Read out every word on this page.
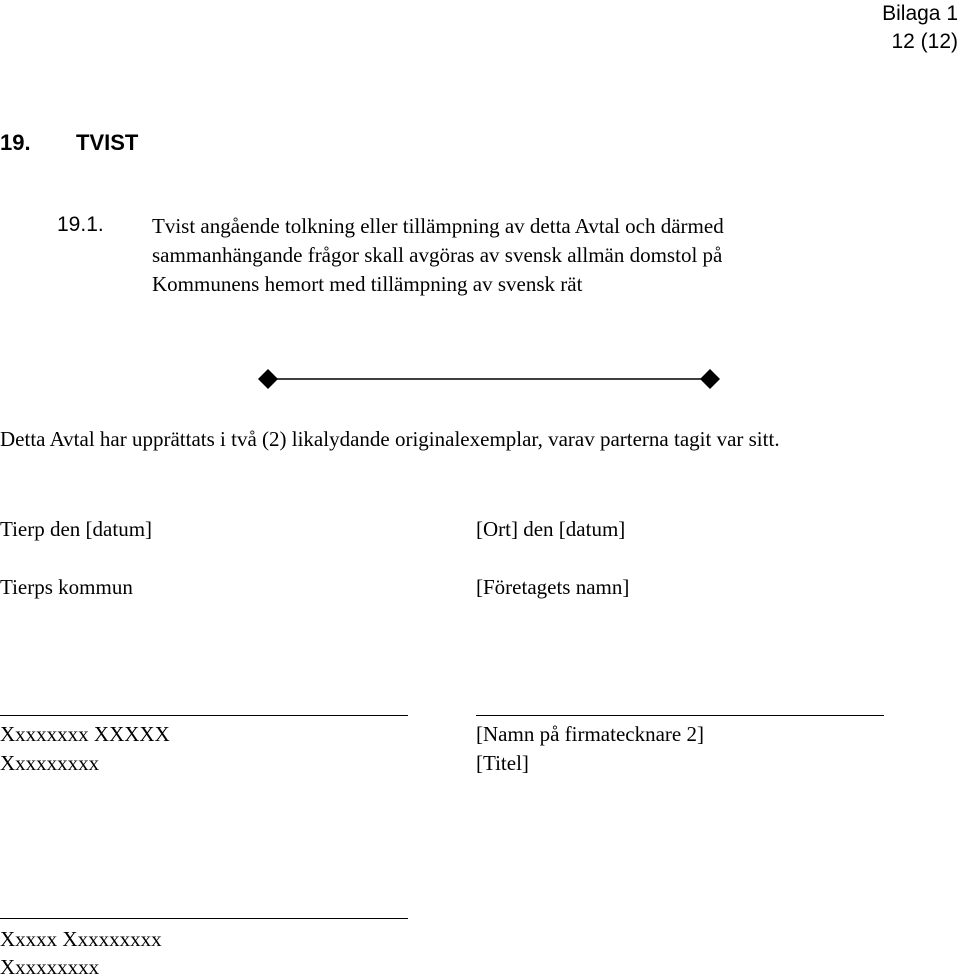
Bilaga 1
12 (12)
19. TVIST
19.1. Tvist angående tolkning eller tillämpning av detta Avtal och därmed
sammanhängande frågor skall avgöras av svensk allmän domstol på
Kommunens hemort med tillämpning av svensk rät
Detta Avtal har upprättats i två (2) likalydande originalexemplar, varav parterna tagit var sitt.
Tierp den [datum]
Tierps kommun
[Ort] den [datum]
[Företagets namn]
Xxxxxxxx XXXXX
Xxxxxxxxx
[Namn på firmatecknare 2]
[Titel]
Xxxxx Xxxxxxxxx
Xxxxxxxxx
